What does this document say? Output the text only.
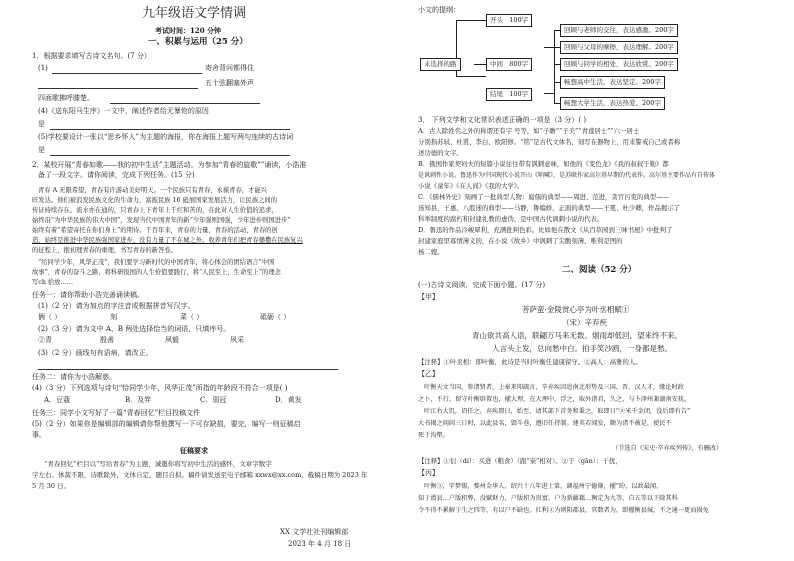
九年级语文学情调
考试时间：120 分钟
一、积累与运用（25 分）
1．根据要求填写古诗文名句。(7 分）
(1)	寄舍背问都得住
五十弦翻塞外声
四面歌拂呼膝楚。
(4)《送东阳马生序》一文中，阐述作者给无暴怆的原因
是
(5)学校要设计一张以“思乡怀人”为主题的海报，你在海报上题写两句连续的古诗词
是
2．某校开展“青春如歌——我的初中生活”主题活动。为参加“青春的旋歌””诵读，小浩准
备了一段文字。请你阅读，完成下列任务。(15 分)
青春 A 无限希望，青春有许游动美好明天。一个民族只有青春，永葆青春，才能兴
旺发达。他们被浪发民族文化的生命力，富振民族 16 砥展国家发展活力，让民族之间的
传证持续存在。流水亦在通的，只青春上下青年上千红和苦的，在此对人生价值的追求，
始终沿“为中华民族的伟大中国”，发现当代中国青年的新“少年强则国强，少年进步则国进步”
始终有着“希望寄托在你们身上”的期待。千百年来，青春的力量，青春的活动，青春的创
造，始终是推进中华民族强国家进步、没有力量了不在城之外。收养青年们把青春播撒在民族复兴
的征程上，抱初理青春的重理，书写青春的新答卷。
“给同学少年，风华正茂”，我们要学习新时代的中国青年，将心体会的团结语言“中国
故事”，青春的奋斗之路，将科研报国的人生价值要践行，将“人民至上，生命至上”的理念
写ch 拾放……
任务一：请你帮助小浩完善诵读稿。
(1)（2 分）请为加点的字注音或根据拼音写汉字。
俩（ ）	刻	菜（ ）	砥砺（ ）
(2)（3 分）请为文中 A、B 两处选择恰当的词语，只填序号。
②青	殷善	夙毅	夙采
(3)（2 分）画线句有语病，请改正。
任务二：请你为小浩解惑。
(4)（3 分）下列选项与诗句“恰同学少年，风华正茂”所指的年龄段不符合一项是( )
A．豆蔻	B．及笄	C．弱冠	D．黄发
任务三：同学小文写好了一篇“青春回忆”栏目投稿文件
(5)（2 分）如果你是编辑部的编辑请你帮他撰写一下可存缺损，要完，编写一则征稿启
事。
征稿要求
“青春回忆”栏目以“写给青春”为主题，诚邀你将写初中生活的感怀，文章字数字
字左右。体裁不限，诗歌除外，文体自定，题目自拟。稿件请发送至电子邮箱 xxwx@xx.com，截稿日期为 2023 年
5 月 30 日。
XX 文学社社刊编辑部
2023 年 4 月 18 日
小文的提纲：
未选择的路
开头 100字
中间 800字
结尾 100字
回顾与老师的交往，表达感激。200字
回顾与父母的摩擦，表达理解。200字
回顾与同学的相处，表达欣赏。200字
畅想高中生活，表达坚定。200字
畅想大学生活，表达热爱。200字
3． 下列文学和文化常识表述正确的一项是（3 分）( )
A．古人除姓名之外的称谓还有字 号等，如“子瞻”“子美”“青莲居士”“六一居士
分别指苏轼、杜甫、李白、欧阳修。“铭”是古代文体名，刻写在器物上，用来警戒自己或者称
述功德的文字。
B．俄国作家契诃夫的短篇小说往往带有讽刺意味，如他的《变色龙》《我的叔叔于勒》都
是讽刺性小说。鲁迅作为中国现代小说开山《呐喊》，是苏联作家高尔基早期的代表作。高尔基主要作品有自传体
小说《童年》《在人间》《我的大学》。
C．《儒林外史》刻画了一批典型人物：腐儒的典型——周进、范进，贪官污吏的典型——
汤知县，王惠、八股迷的典型——马静，鲁编修，正面的典型——王冕、杜少卿，作品揭示了
科举制度的腐朽和封建礼教的虚伪，是中国古代讽刺小说的代表。
D．鲁迅的作品冷峻犀利，充满批判色彩。比如他在散文《从百草园到三味书屋》中批判了
封建家庭里寡情薄义的，在小说《故乡》中讽刺了尖酸刻薄、唯利是图的
杨二嫂。
二、阅读（52 分）
(一)古诗文阅读，完成下面小题。(17 分)
【甲】
菩萨蛮·金陵赏心亭为叶丞相赋①
（宋）辛弃疾
青山欲共高人语，联翩万马来无数。烟雨却低回，望来终不来。
人言头上发，总向愁中白。拍手笑沙鸥，一身都是愁。
【注释】①叶丞相：即叶衡，此诗是当时叶衡任建康留守。②高人：高雅的人。
【乙】
叶衡天文当国，参诸贤者，上奉来叩疏言，辛弃疾因追南北形势及三国、晋、汉人才，缘论时政
之卜，不行。留守叶衡辟置也，擢大理，在大理中，浮之，取外诸君，久之，与卜津州兼湖南安抚。
叶江右大饥，诏任之。弃疾即日，始至，请其部下首务和秉之，取即日“②米千金闭，没后即有告”
大书揭之闾闾三日时，以此县名，毁斗巷，遵旧任持制。建英若闻发，颇为诸不被是，使民不
死于沟壑。
（节选自《宋史·辛弃疾列传》，有删改）
【注释】①衍（dí）：买进（粮食）（跟“粜”相对）。②于（gān）：干扰，
【丙】
叶衡③，字梦锡，婺州金华人。绍兴十八年进士第，调福州宁德簿，擢”盼，以政最闻，
知于潜县…户版积弊，没赋财力，户版积为贵富。户为新疆籍…衡定为九等，自五等以下除其科
令不得不累解于生之四等，有以户不缺也。扛利③为则阳郡县，官数者为，即擢衡县城，不之通一更而损免
